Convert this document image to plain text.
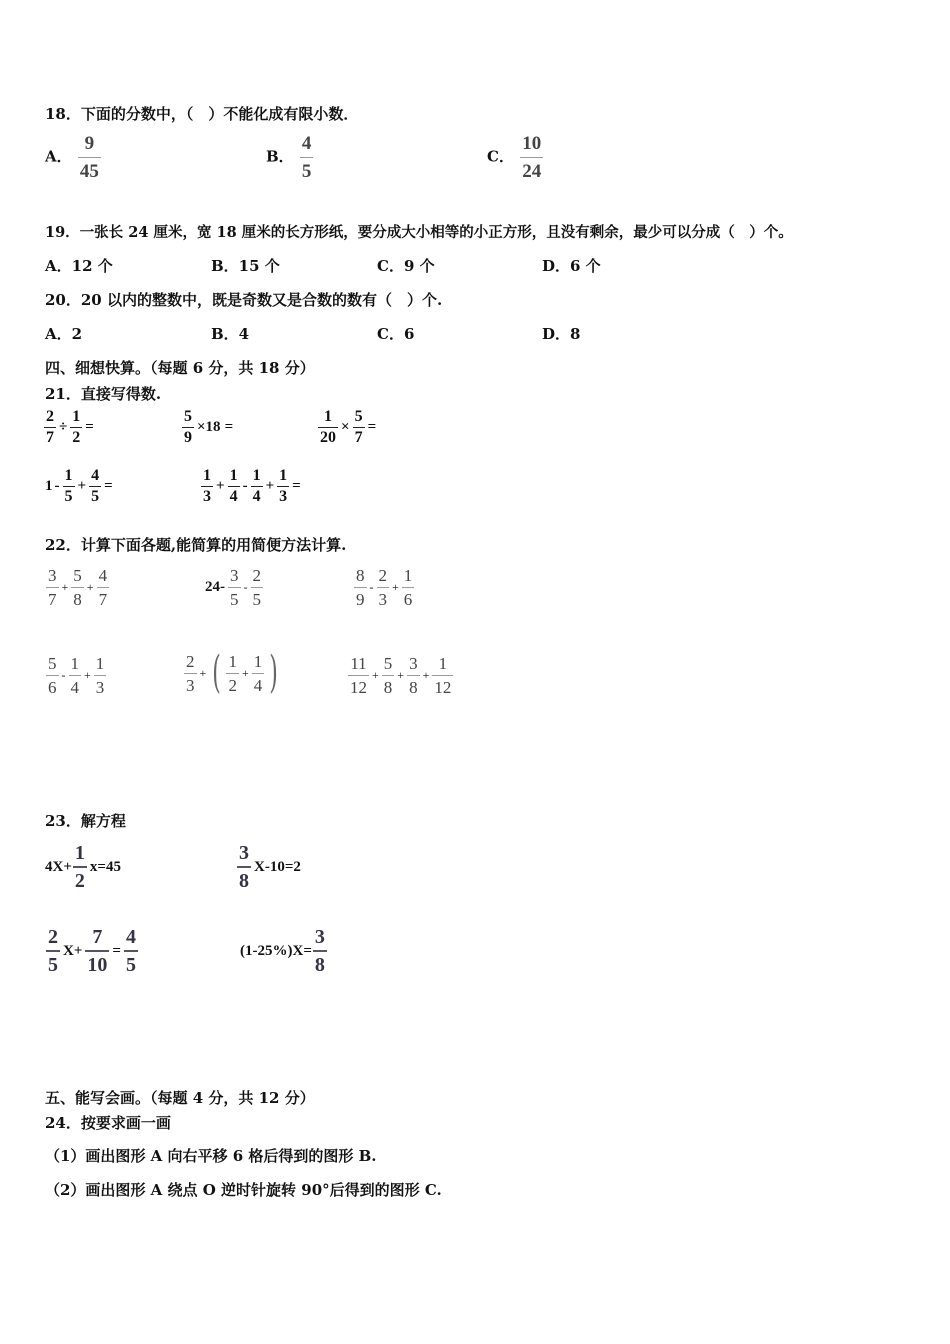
18．下面的分数中，（　）不能化成有限小数．
A． $\frac{9}{45}$	B． $\frac{4}{5}$	C． $\frac{10}{24}$
19．一张长 24 厘米，宽 18 厘米的长方形纸，要分成大小相等的小正方形，且没有剩余，最少可以分成（　）个。
A．12 个	B．15 个	C．9 个	D．6 个
20．20 以内的整数中，既是奇数又是合数的数有（　）个.
A．2	B．4	C．6	D．8
四、细想快算。（每题 6 分，共 18 分）
21．直接写得数.
$\frac{2}{7} \div \frac{1}{2}$ =	$\frac{5}{9} \times 18$ =	$\frac{1}{20} \times \frac{5}{7}$ =
$1 - \frac{1}{5} + \frac{4}{5}$ =	$\frac{1}{3} + \frac{1}{4} - \frac{1}{4} + \frac{1}{3}$ =
22．计算下面各题,能简算的用简便方法计算.
$\frac{3}{7} + \frac{5}{8} + \frac{4}{7}$	$24- \frac{3}{5} - \frac{2}{5}$	$\frac{8}{9} - \frac{2}{3} + \frac{1}{6}$
$\frac{5}{6} - \frac{1}{4} + \frac{1}{3}$	$\frac{2}{3}$ + ( $\frac{1}{2} + \frac{1}{4}$ )	$\frac{11}{12} + \frac{5}{8} + \frac{3}{8} + \frac{1}{12}$
23．解方程
$4X+ \frac{1}{2} x=45$	$\frac{3}{8} X-10=2$
$\frac{2}{5} X+ \frac{7}{10} = \frac{4}{5}$	$(1-25\%)X= \frac{3}{8}$
五、能写会画。（每题 4 分，共 12 分）
24．按要求画一画
（1）画出图形 A 向右平移 6 格后得到的图形 B.
（2）画出图形 A 绕点 O 逆时针旋转 90°后得到的图形 C.
